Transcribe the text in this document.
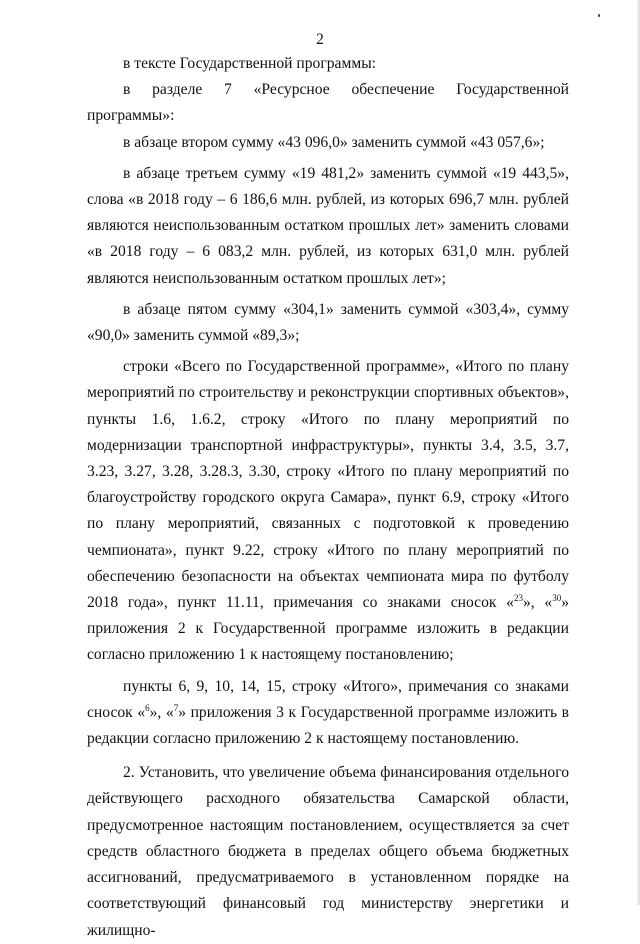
2

в тексте Государственной программы:

в разделе 7 «Ресурсное обеспечение Государственной программы»:

в абзаце втором сумму «43 096,0» заменить суммой «43 057,6»;

в абзаце третьем сумму «19 481,2» заменить суммой «19 443,5», слова «в 2018 году – 6 186,6 млн. рублей, из которых 696,7 млн. рублей являются неиспользованным остатком прошлых лет» заменить словами «в 2018 году – 6 083,2 млн. рублей, из которых 631,0 млн. рублей являются неиспользованным остатком прошлых лет»;

в абзаце пятом сумму «304,1» заменить суммой «303,4», сумму «90,0» заменить суммой «89,3»;

строки «Всего по Государственной программе», «Итого по плану мероприятий по строительству и реконструкции спортивных объектов», пункты 1.6, 1.6.2, строку «Итого по плану мероприятий по модернизации транспортной инфраструктуры», пункты 3.4, 3.5, 3.7, 3.23, 3.27, 3.28, 3.28.3, 3.30, строку «Итого по плану мероприятий по благоустройству городского округа Самара», пункт 6.9, строку «Итого по плану мероприятий, связанных с подготовкой к проведению чемпионата», пункт 9.22, строку «Итого по плану мероприятий по обеспечению безопасности на объектах чемпионата мира по футболу 2018 года», пункт 11.11, примечания со знаками сносок «$^{23}$», «$^{30}$» приложения 2 к Государственной программе изложить в редакции согласно приложению 1 к настоящему постановлению;

пункты 6, 9, 10, 14, 15, строку «Итого», примечания со знаками сносок «$^6$», «$^7$» приложения 3 к Государственной программе изложить в редакции согласно приложению 2 к настоящему постановлению.

2. Установить, что увеличение объема финансирования отдельного действующего расходного обязательства Самарской области, предусмотренное настоящим постановлением, осуществляется за счет средств областного бюджета в пределах общего объема бюджетных ассигнований, предусматриваемого в установленном порядке на соответствующий финансовый год министерству энергетики и жилищно-
